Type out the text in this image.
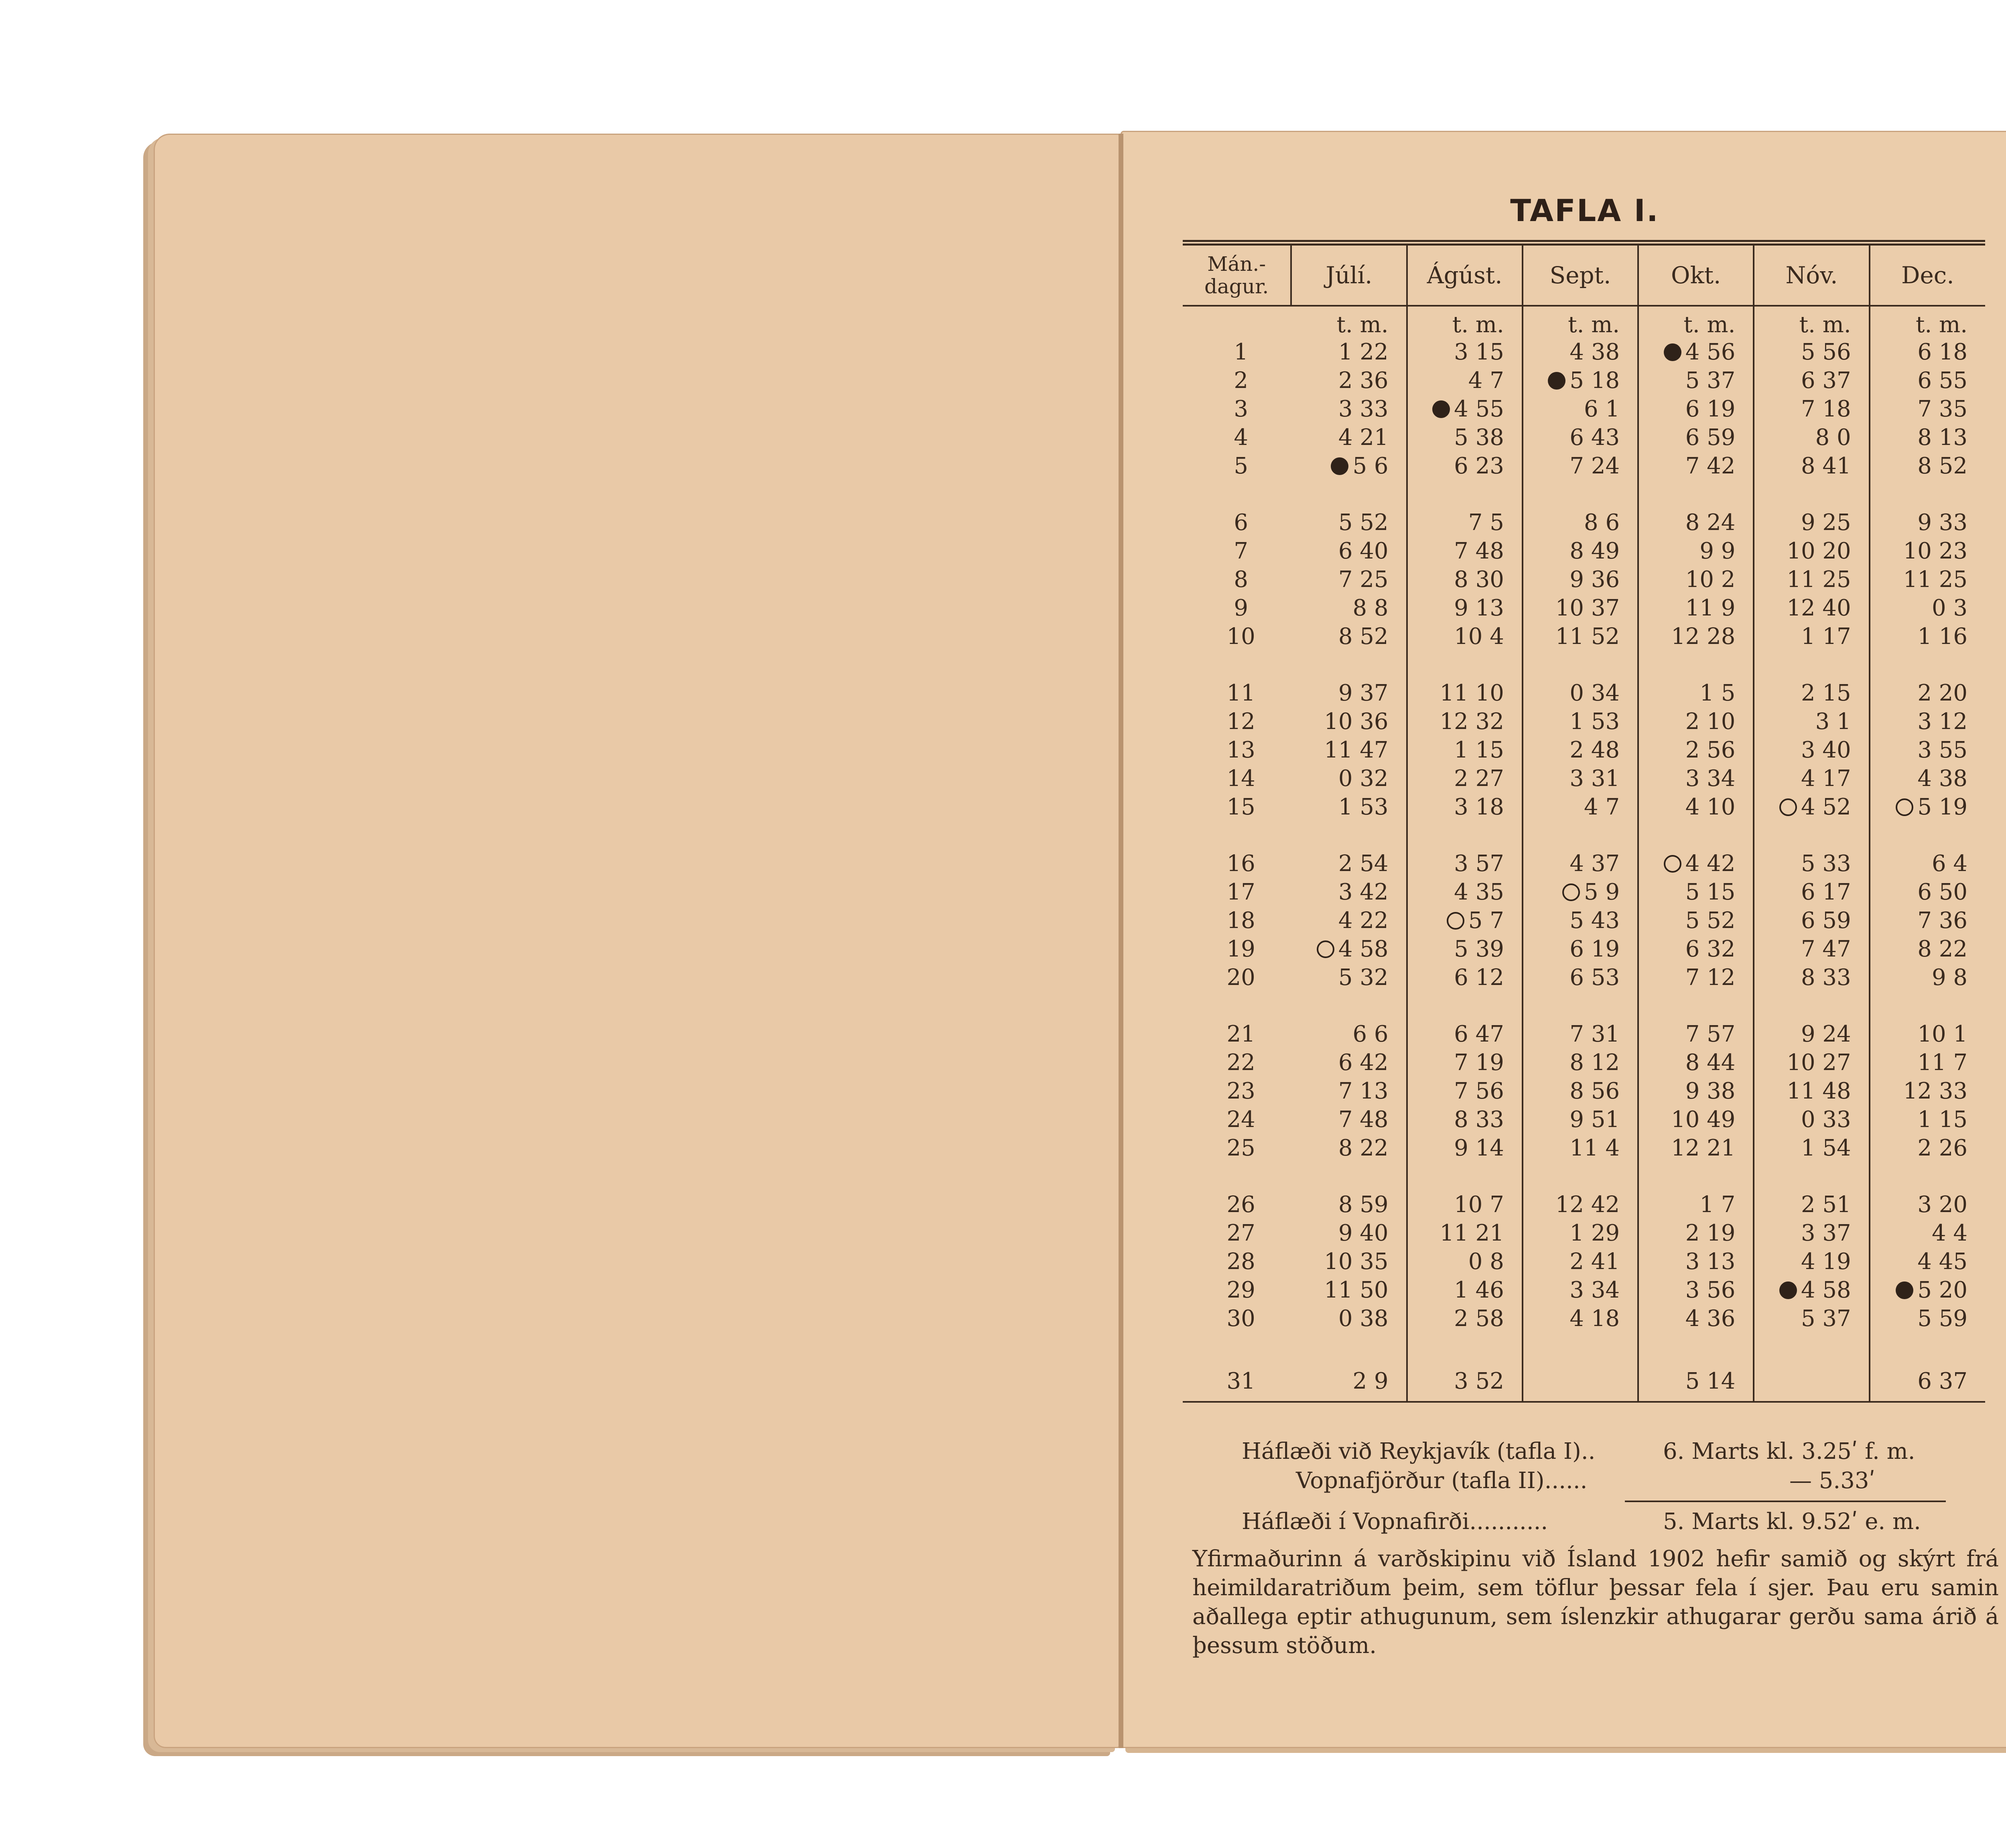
TAFLA I.
Mán.-
dagur.	Júlí.	Ágúst.	Sept.	Okt.	Nóv.	Dec.
	t. m.	t. m.	t. m.	t. m.	t. m.	t. m.
1	1 22	3 15	4 38	4 56	5 56	6 18
2	2 36	4 7	5 18	5 37	6 37	6 55
3	3 33	4 55	6 1	6 19	7 18	7 35
4	4 21	5 38	6 43	6 59	8 0	8 13
5	5 6	6 23	7 24	7 42	8 41	8 52

6	5 52	7 5	8 6	8 24	9 25	9 33
7	6 40	7 48	8 49	9 9	10 20	10 23
8	7 25	8 30	9 36	10 2	11 25	11 25
9	8 8	9 13	10 37	11 9	12 40	0 3
10	8 52	10 4	11 52	12 28	1 17	1 16

11	9 37	11 10	0 34	1 5	2 15	2 20
12	10 36	12 32	1 53	2 10	3 1	3 12
13	11 47	1 15	2 48	2 56	3 40	3 55
14	0 32	2 27	3 31	3 34	4 17	4 38
15	1 53	3 18	4 7	4 10	4 52	5 19

16	2 54	3 57	4 37	4 42	5 33	6 4
17	3 42	4 35	5 9	5 15	6 17	6 50
18	4 22	5 7	5 43	5 52	6 59	7 36
19	4 58	5 39	6 19	6 32	7 47	8 22
20	5 32	6 12	6 53	7 12	8 33	9 8

21	6 6	6 47	7 31	7 57	9 24	10 1
22	6 42	7 19	8 12	8 44	10 27	11 7
23	7 13	7 56	8 56	9 38	11 48	12 33
24	7 48	8 33	9 51	10 49	0 33	1 15
25	8 22	9 14	11 4	12 21	1 54	2 26

26	8 59	10 7	12 42	1 7	2 51	3 20
27	9 40	11 21	1 29	2 19	3 37	4 4
28	10 35	0 8	2 41	3 13	4 19	4 45
29	11 50	1 46	3 34	3 56	4 58	5 20
30	0 38	2 58	4 18	4 36	5 37	5 59

31	2 9	3 52		5 14		6 37
Háflæði við Reykjavík (tafla I)..	6. Marts kl. 3.25ʹ f. m.
Vopnafjörður (tafla II)......	— 5.33ʹ
Háflæði í Vopnafirði...........	5. Marts kl. 9.52ʹ e. m.
Yfirmaðurinn á varðskipinu við Ísland 1902 hefir samið og skýrt frá heimildaratriðum þeim, sem töflur þessar fela í sjer. Þau eru samin aðallega eptir athugunum, sem íslenzkir athugarar gerðu sama árið á þessum stöðum.
